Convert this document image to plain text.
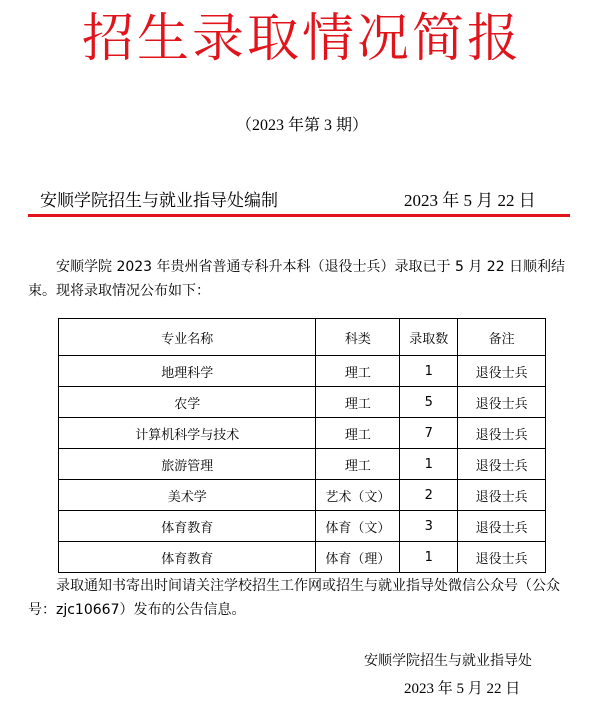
招生录取情况简报
（2023 年第 3 期）
安顺学院招生与就业指导处编制	2023 年 5 月 22 日

安顺学院 2023 年贵州省普通专科升本科（退役士兵）录取已于 5 月 22 日顺利结束。现将录取情况公布如下：

专业名称	科类	录取数	备注
地理科学	理工	1	退役士兵
农学	理工	5	退役士兵
计算机科学与技术	理工	7	退役士兵
旅游管理	理工	1	退役士兵
美术学	艺术（文）	2	退役士兵
体育教育	体育（文）	3	退役士兵
体育教育	体育（理）	1	退役士兵

录取通知书寄出时间请关注学校招生工作网或招生与就业指导处微信公众号（公众号：zjc10667）发布的公告信息。

安顺学院招生与就业指导处
2023 年 5 月 22 日
